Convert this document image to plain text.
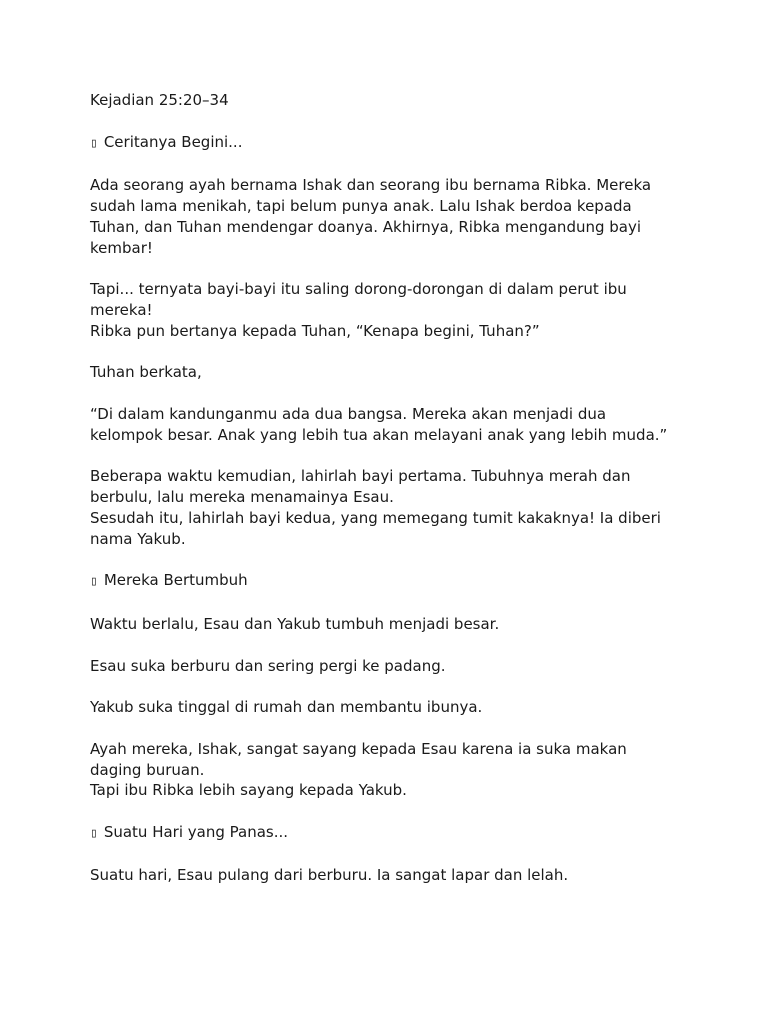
Kejadian 25:20–34

▯ Ceritanya Begini...

Ada seorang ayah bernama Ishak dan seorang ibu bernama Ribka. Mereka sudah lama menikah, tapi belum punya anak. Lalu Ishak berdoa kepada Tuhan, dan Tuhan mendengar doanya. Akhirnya, Ribka mengandung bayi kembar!

Tapi... ternyata bayi-bayi itu saling dorong-dorongan di dalam perut ibu mereka!
Ribka pun bertanya kepada Tuhan, “Kenapa begini, Tuhan?”

Tuhan berkata,

“Di dalam kandunganmu ada dua bangsa. Mereka akan menjadi dua kelompok besar. Anak yang lebih tua akan melayani anak yang lebih muda.”

Beberapa waktu kemudian, lahirlah bayi pertama. Tubuhnya merah dan berbulu, lalu mereka menamainya Esau.
Sesudah itu, lahirlah bayi kedua, yang memegang tumit kakaknya! Ia diberi nama Yakub.

▯ Mereka Bertumbuh

Waktu berlalu, Esau dan Yakub tumbuh menjadi besar.

Esau suka berburu dan sering pergi ke padang.

Yakub suka tinggal di rumah dan membantu ibunya.

Ayah mereka, Ishak, sangat sayang kepada Esau karena ia suka makan daging buruan.
Tapi ibu Ribka lebih sayang kepada Yakub.

▯ Suatu Hari yang Panas...

Suatu hari, Esau pulang dari berburu. Ia sangat lapar dan lelah.
